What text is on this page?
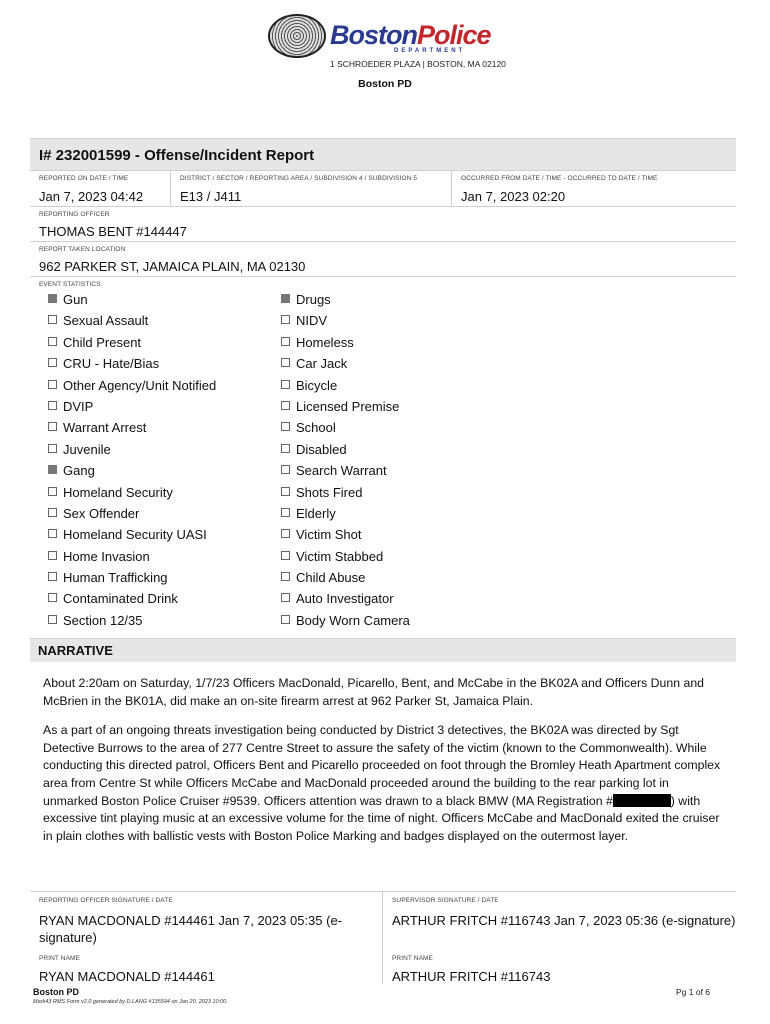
BostonPolice
DEPARTMENT
1 SCHROEDER PLAZA | BOSTON, MA 02120
Boston PD
I# 232001599 - Offense/Incident Report
REPORTED ON DATE / TIME
Jan 7, 2023 04:42
DISTRICT / SECTOR / REPORTING AREA / SUBDIVISION 4 / SUBDIVISION 5
E13 / J411
OCCURRED FROM DATE / TIME - OCCURRED TO DATE / TIME
Jan 7, 2023 02:20
REPORTING OFFICER
THOMAS BENT #144447
REPORT TAKEN LOCATION
962 PARKER ST, JAMAICA PLAIN, MA 02130
EVENT STATISTICS
Gun
Sexual Assault
Child Present
CRU - Hate/Bias
Other Agency/Unit Notified
DVIP
Warrant Arrest
Juvenile
Gang
Homeland Security
Sex Offender
Homeland Security UASI
Home Invasion
Human Trafficking
Contaminated Drink
Section 12/35
Drugs
NIDV
Homeless
Car Jack
Bicycle
Licensed Premise
School
Disabled
Search Warrant
Shots Fired
Elderly
Victim Shot
Victim Stabbed
Child Abuse
Auto Investigator
Body Worn Camera
NARRATIVE

About 2:20am on Saturday, 1/7/23 Officers MacDonald, Picarello, Bent, and McCabe in the BK02A and Officers Dunn and McBrien in the BK01A, did make an on-site firearm arrest at 962 Parker St, Jamaica Plain.

As a part of an ongoing threats investigation being conducted by District 3 detectives, the BK02A was directed by Sgt Detective Burrows to the area of 277 Centre Street to assure the safety of the victim (known to the Commonwealth). While conducting this directed patrol, Officers Bent and Picarello proceeded on foot through the Bromley Heath Apartment complex area from Centre St while Officers McCabe and MacDonald proceeded around the building to the rear parking lot in unmarked Boston Police Cruiser #9539. Officers attention was drawn to a black BMW (MA Registration #	) with excessive tint playing music at an excessive volume for the time of night. Officers McCabe and MacDonald exited the cruiser in plain clothes with ballistic vests with Boston Police Marking and badges displayed on the outermost layer.

REPORTING OFFICER SIGNATURE / DATE
RYAN MACDONALD #144461 Jan 7, 2023 05:35 (e-signature)
PRINT NAME
RYAN MACDONALD #144461
SUPERVISOR SIGNATURE / DATE
ARTHUR FRITCH #116743 Jan 7, 2023 05:36 (e-signature)
PRINT NAME
ARTHUR FRITCH #116743
Boston PD
Mark43 RMS Form v2.0 generated by D.LANG #135594 on Jan 20, 2023 10:00.
Pg 1 of 6
